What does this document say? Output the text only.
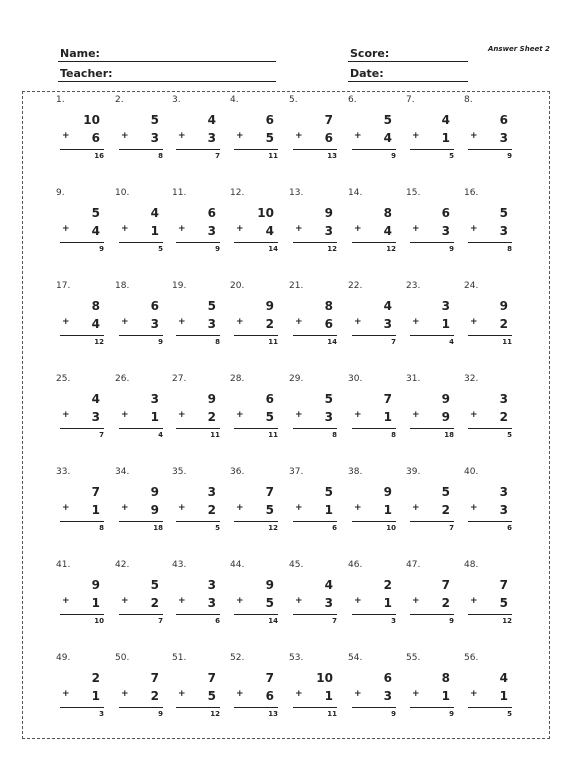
Name:
Teacher:
Score:
Date:
Answer Sheet 2
1.
10
+ 6
16
2.
5
+ 3
8
3.
4
+ 3
7
4.
6
+ 5
11
5.
7
+ 6
13
6.
5
+ 4
9
7.
4
+ 1
5
8.
6
+ 3
9
9.
5
+ 4
9
10.
4
+ 1
5
11.
6
+ 3
9
12.
10
+ 4
14
13.
9
+ 3
12
14.
8
+ 4
12
15.
6
+ 3
9
16.
5
+ 3
8
17.
8
+ 4
12
18.
6
+ 3
9
19.
5
+ 3
8
20.
9
+ 2
11
21.
8
+ 6
14
22.
4
+ 3
7
23.
3
+ 1
4
24.
9
+ 2
11
25.
4
+ 3
7
26.
3
+ 1
4
27.
9
+ 2
11
28.
6
+ 5
11
29.
5
+ 3
8
30.
7
+ 1
8
31.
9
+ 9
18
32.
3
+ 2
5
33.
7
+ 1
8
34.
9
+ 9
18
35.
3
+ 2
5
36.
7
+ 5
12
37.
5
+ 1
6
38.
9
+ 1
10
39.
5
+ 2
7
40.
3
+ 3
6
41.
9
+ 1
10
42.
5
+ 2
7
43.
3
+ 3
6
44.
9
+ 5
14
45.
4
+ 3
7
46.
2
+ 1
3
47.
7
+ 2
9
48.
7
+ 5
12
49.
2
+ 1
3
50.
7
+ 2
9
51.
7
+ 5
12
52.
7
+ 6
13
53.
10
+ 1
11
54.
6
+ 3
9
55.
8
+ 1
9
56.
4
+ 1
5
